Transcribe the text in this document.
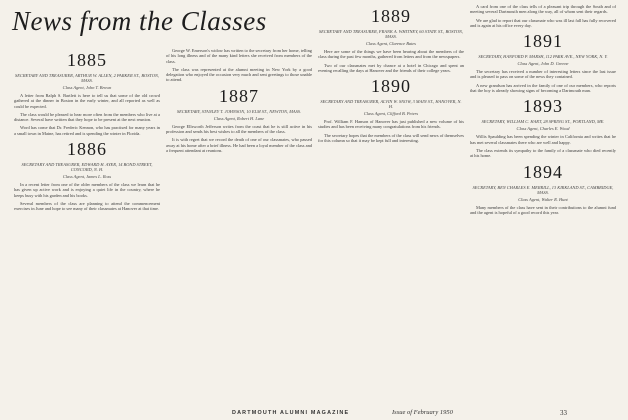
News from the Classes
1885
SECRETARY AND TREASURER, ARTHUR W. ALLEN, 2 PARKER ST., BOSTON, MASS.
Class Agent, John T. Brown

A letter from Ralph S. Bartlett is here to tell us that some of the old crowd gathered at the dinner in Boston in the early winter, and all reported as well as could be expected.

The class would be pleased to hear more often from the members who live at a distance. Several have written that they hope to be present at the next reunion.

Word has come that Dr. Frederic Kennon, who has practised for many years in a small town in Maine, has retired and is spending the winter in Florida.

1886
SECRETARY AND TREASURER, EDWARD H. AYER, 14 BOND STREET, CONCORD, N. H.
Class Agent, James L. Ross

In a recent letter from one of the older members of the class we learn that he has given up active work and is enjoying a quiet life in the country, where he keeps busy with his garden and his books.

Several members of the class are planning to attend the commencement exercises in June and hope to see many of their classmates at Hanover at that time.

George W. Emerson's widow has written to the secretary from her home, telling of his long illness and of the many kind letters she received from members of the class.

The class was represented at the alumni meeting in New York by a good delegation who enjoyed the occasion very much and sent greetings to those unable to attend.

1887
SECRETARY, STANLEY T. JOHNSON, 10 ELM ST., NEWTON, MASS.
Class Agent, Robert H. Lane

George Ellsworth Jefferson writes from the coast that he is still active in his profession and sends his best wishes to all the members of the class.

It is with regret that we record the death of one of our classmates, who passed away at his home after a brief illness. He had been a loyal member of the class and a frequent attendant at reunions.

1889
SECRETARY AND TREASURER, FRANK A. WHITNEY, 60 STATE ST., BOSTON, MASS.
Class Agent, Clarence Bates

Here are some of the things we have been hearing about the members of the class during the past few months, gathered from letters and from the newspapers.

Two of our classmates met by chance at a hotel in Chicago and spent an evening recalling the days at Hanover and the friends of their college years.

1890
SECRETARY AND TREASURER, ALVIN W. SNOW, 3 MAIN ST., HANOVER, N. H.
Class Agent, Clifford B. Peters

Prof. William F. Hanson of Hanover has just published a new volume of his studies and has been receiving many congratulations from his friends.

The secretary hopes that the members of the class will send news of themselves for this column so that it may be kept full and interesting.

A card from one of the class tells of a pleasant trip through the South and of meeting several Dartmouth men along the way, all of whom sent their regards.

We are glad to report that our classmate who was ill last fall has fully recovered and is again at his office every day.

1891
SECRETARY, HANFORD P. MARSH, 112 PARK AVE., NEW YORK, N. Y.
Class Agent, John D. Greene

The secretary has received a number of interesting letters since the last issue and is pleased to pass on some of the news they contained.

A new grandson has arrived in the family of one of our members, who reports that the boy is already showing signs of becoming a Dartmouth man.

1893
SECRETARY, WILLIAM C. HART, 28 SPRING ST., PORTLAND, ME.
Class Agent, Charles E. Wood

Willis Spaulding has been spending the winter in California and writes that he has met several classmates there who are well and happy.

The class extends its sympathy to the family of a classmate who died recently at his home.

1894
SECRETARY, BEN CHARLES E. MERRILL, 13 KIRKLAND ST., CAMBRIDGE, MASS.
Class Agent, Walter R. Hunt

Many members of the class have sent in their contributions to the alumni fund and the agent is hopeful of a good record this year.

DARTMOUTH ALUMNI MAGAZINE	Issue of February 1950	33
